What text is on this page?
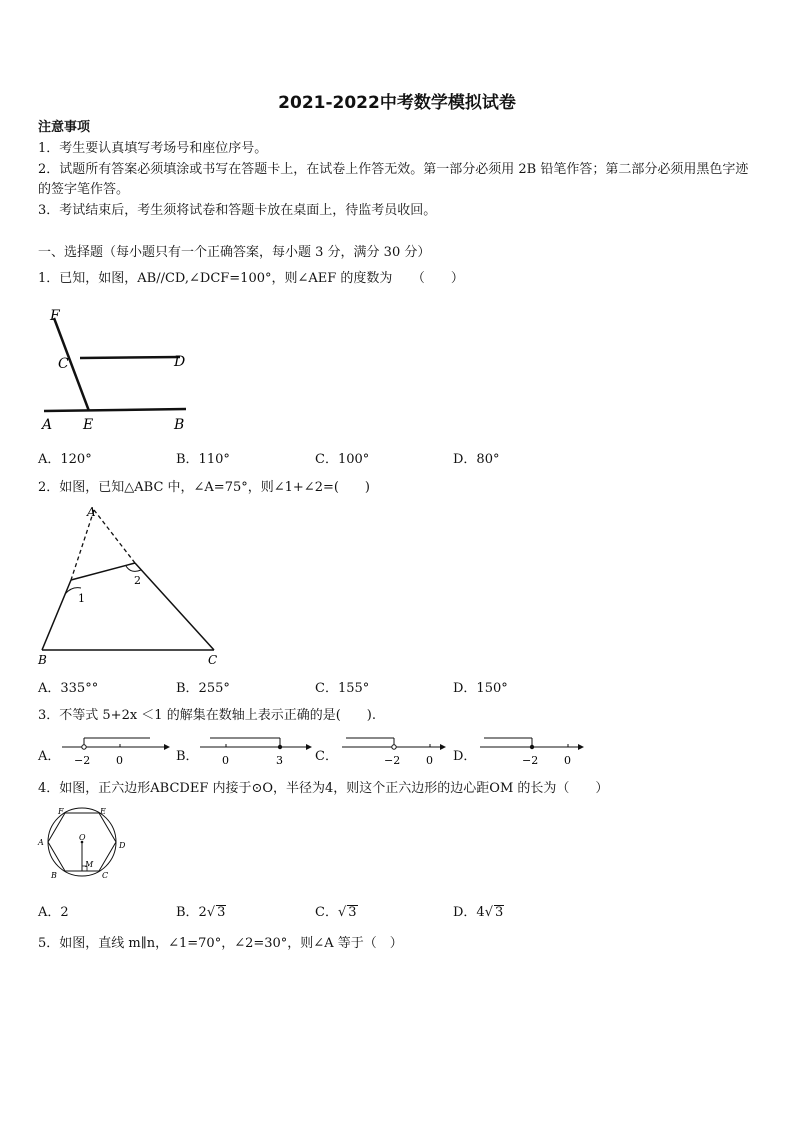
2021-2022中考数学模拟试卷
注意事项
1．考生要认真填写考场号和座位序号。
2．试题所有答案必须填涂或书写在答题卡上，在试卷上作答无效。第一部分必须用 2B 铅笔作答；第二部分必须用黑色字迹的签字笔作答。
3．考试结束后，考生须将试卷和答题卡放在桌面上，待监考员收回。
一、选择题（每小题只有一个正确答案，每小题 3 分，满分 30 分）
1．已知，如图，AB//CD,∠DCF=100°，则∠AEF 的度数为　　（　　）
F
C	D
A E	B
A．120°	B．110°	C．100°	D．80°
2．如图，已知△ABC 中，∠A=75°，则∠1+∠2=(　　)
A
1
2
B	C
A．335°°	B．255°	C．155°	D．150°
3．不等式 5+2x ＜1 的解集在数轴上表示正确的是(　　).
A． −2 0	B． 0	3 C．	−2 0 D．	−2 0
4．如图，正六边形ABCDEF 内接于⊙O，半径为4，则这个正六边形的边心距OM 的长为（　　）
F	E
A	D
B	C
O
M
A．2	B．2√ 3	C．√ 3	D．4√ 3
5．如图，直线 m∥n，∠1=70°，∠2=30°，则∠A 等于（　）
